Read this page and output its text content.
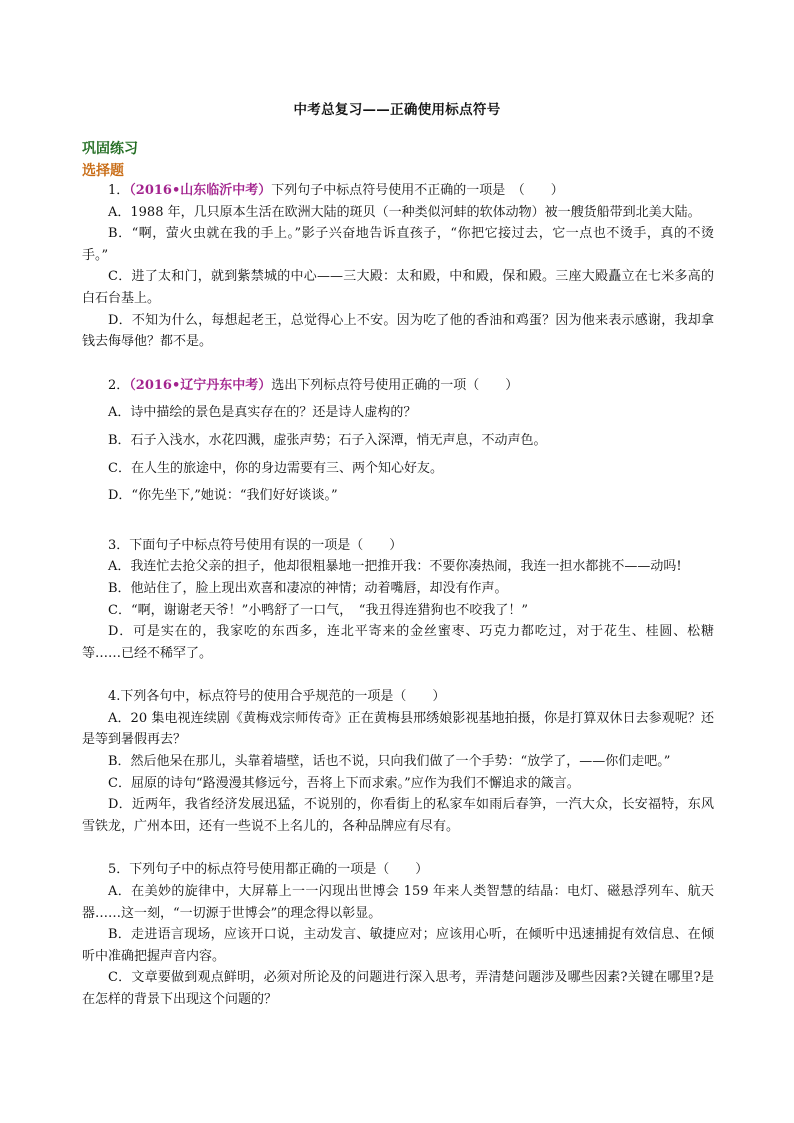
中考总复习——正确使用标点符号
巩固练习
选择题

1．（2016•山东临沂中考）下列句子中标点符号使用不正确的一项是　（　　）

A．1988 年，几只原本生活在欧洲大陆的斑贝（一种类似河蚌的软体动物）被一艘货船带到北美大陆。

B．“啊，萤火虫就在我的手上。”影子兴奋地告诉直孩子，“你把它接过去，它一点也不烫手，真的不烫手。”

C．进了太和门，就到紫禁城的中心——三大殿：太和殿，中和殿，保和殿。三座大殿矗立在七米多高的白石台基上。

D．不知为什么，每想起老王，总觉得心上不安。因为吃了他的香油和鸡蛋？因为他来表示感谢，我却拿钱去侮辱他？都不是。

2．（2016•辽宁丹东中考）选出下列标点符号使用正确的一项（　　）

A．诗中描绘的景色是真实存在的？还是诗人虚构的？

B．石子入浅水，水花四溅，虚张声势；石子入深潭，悄无声息，不动声色。

C．在人生的旅途中，你的身边需要有三、两个知心好友。

D．“你先坐下,”她说：“我们好好谈谈。”

3．下面句子中标点符号使用有误的一项是（　　）

A．我连忙去抢父亲的担子，他却很粗暴地一把推开我：不要你凑热闹，我连一担水都挑不——动吗!

B．他站住了，脸上现出欢喜和凄凉的神情；动着嘴唇，却没有作声。

C．“啊，谢谢老天爷！”小鸭舒了一口气，　“我丑得连猎狗也不咬我了！”

D．可是实在的，我家吃的东西多，连北平寄来的金丝蜜枣、巧克力都吃过，对于花生、桂圆、松糖等……已经不稀罕了。

4.下列各句中，标点符号的使用合乎规范的一项是（　　）

A．20 集电视连续剧《黄梅戏宗师传奇》正在黄梅县邢绣娘影视基地拍摄，你是打算双休日去参观呢？还是等到暑假再去？

B．然后他呆在那儿，头靠着墙壁，话也不说，只向我们做了一个手势：“放学了，——你们走吧。”

C．屈原的诗句“路漫漫其修远兮，吾将上下而求索。”应作为我们不懈追求的箴言。

D．近两年，我省经济发展迅猛，不说别的，你看街上的私家车如雨后春笋，一汽大众，长安福特，东风雪铁龙，广州本田，还有一些说不上名儿的，各种品牌应有尽有。

5．下列句子中的标点符号使用都正确的一项是（　　）

A．在美妙的旋律中，大屏幕上一一闪现出世博会 159 年来人类智慧的结晶：电灯、磁悬浮列车、航天器……这一刻，“一切源于世博会”的理念得以彰显。

B．走进语言现场，应该开口说，主动发言、敏捷应对；应该用心听，在倾听中迅速捕捉有效信息、在倾听中准确把握声音内容。

C．文章要做到观点鲜明，必须对所论及的问题进行深入思考，弄清楚问题涉及哪些因素?关键在哪里?是在怎样的背景下出现这个问题的？
